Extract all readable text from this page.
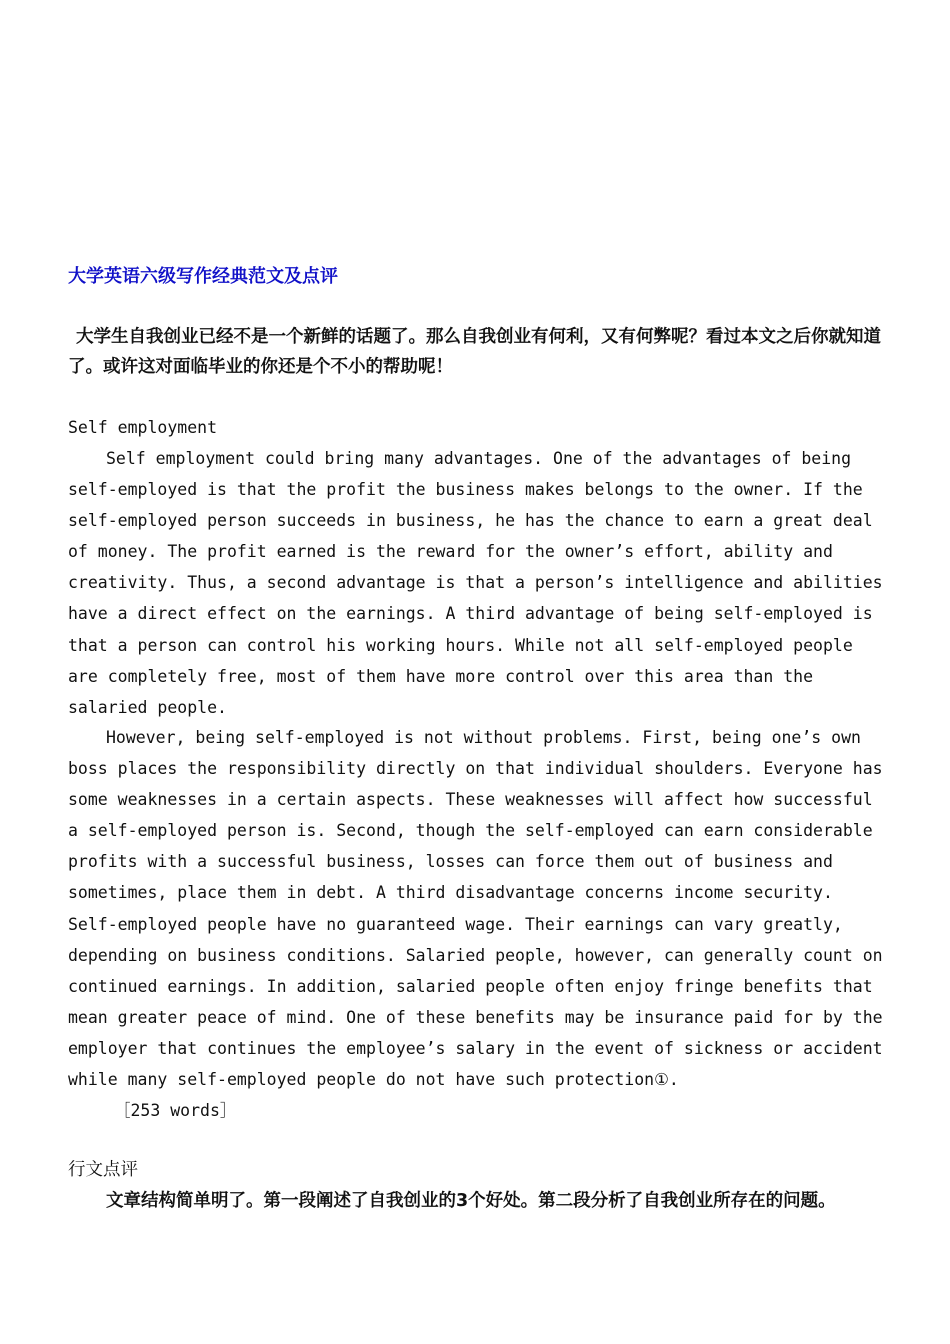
大学英语六级写作经典范文及点评
大学生自我创业已经不是一个新鲜的话题了。那么自我创业有何利，又有何弊呢？看过本文之后你就知道了。或许这对面临毕业的你还是个不小的帮助呢！
Self employment
Self employment could bring many advantages. One of the advantages of being self-employed is that the profit the business makes belongs to the owner. If the self-employed person succeeds in business, he has the chance to earn a great deal of money. The profit earned is the reward for the owner’s effort, ability and creativity. Thus, a second advantage is that a person’s intelligence and abilities have a direct effect on the earnings. A third advantage of being self-employed is that a person can control his working hours. While not all self-employed people are completely free, most of them have more control over this area than the salaried people.
However, being self-employed is not without problems. First, being one’s own boss places the responsibility directly on that individual shoulders. Everyone has some weaknesses in a certain aspects. These weaknesses will affect how successful a self-employed person is. Second, though the self-employed can earn considerable profits with a successful business, losses can force them out of business and sometimes, place them in debt. A third disadvantage concerns income security. Self-employed people have no guaranteed wage. Their earnings can vary greatly, depending on business conditions. Salaried people, however, can generally count on continued earnings. In addition, salaried people often enjoy fringe benefits that mean greater peace of mind. One of these benefits may be insurance paid for by the employer that continues the employee’s salary in the event of sickness or accident while many self-employed people do not have such protection①.
［253 words］
行文点评
文章结构简单明了。第一段阐述了自我创业的3个好处。第二段分析了自我创业所存在的问题。
